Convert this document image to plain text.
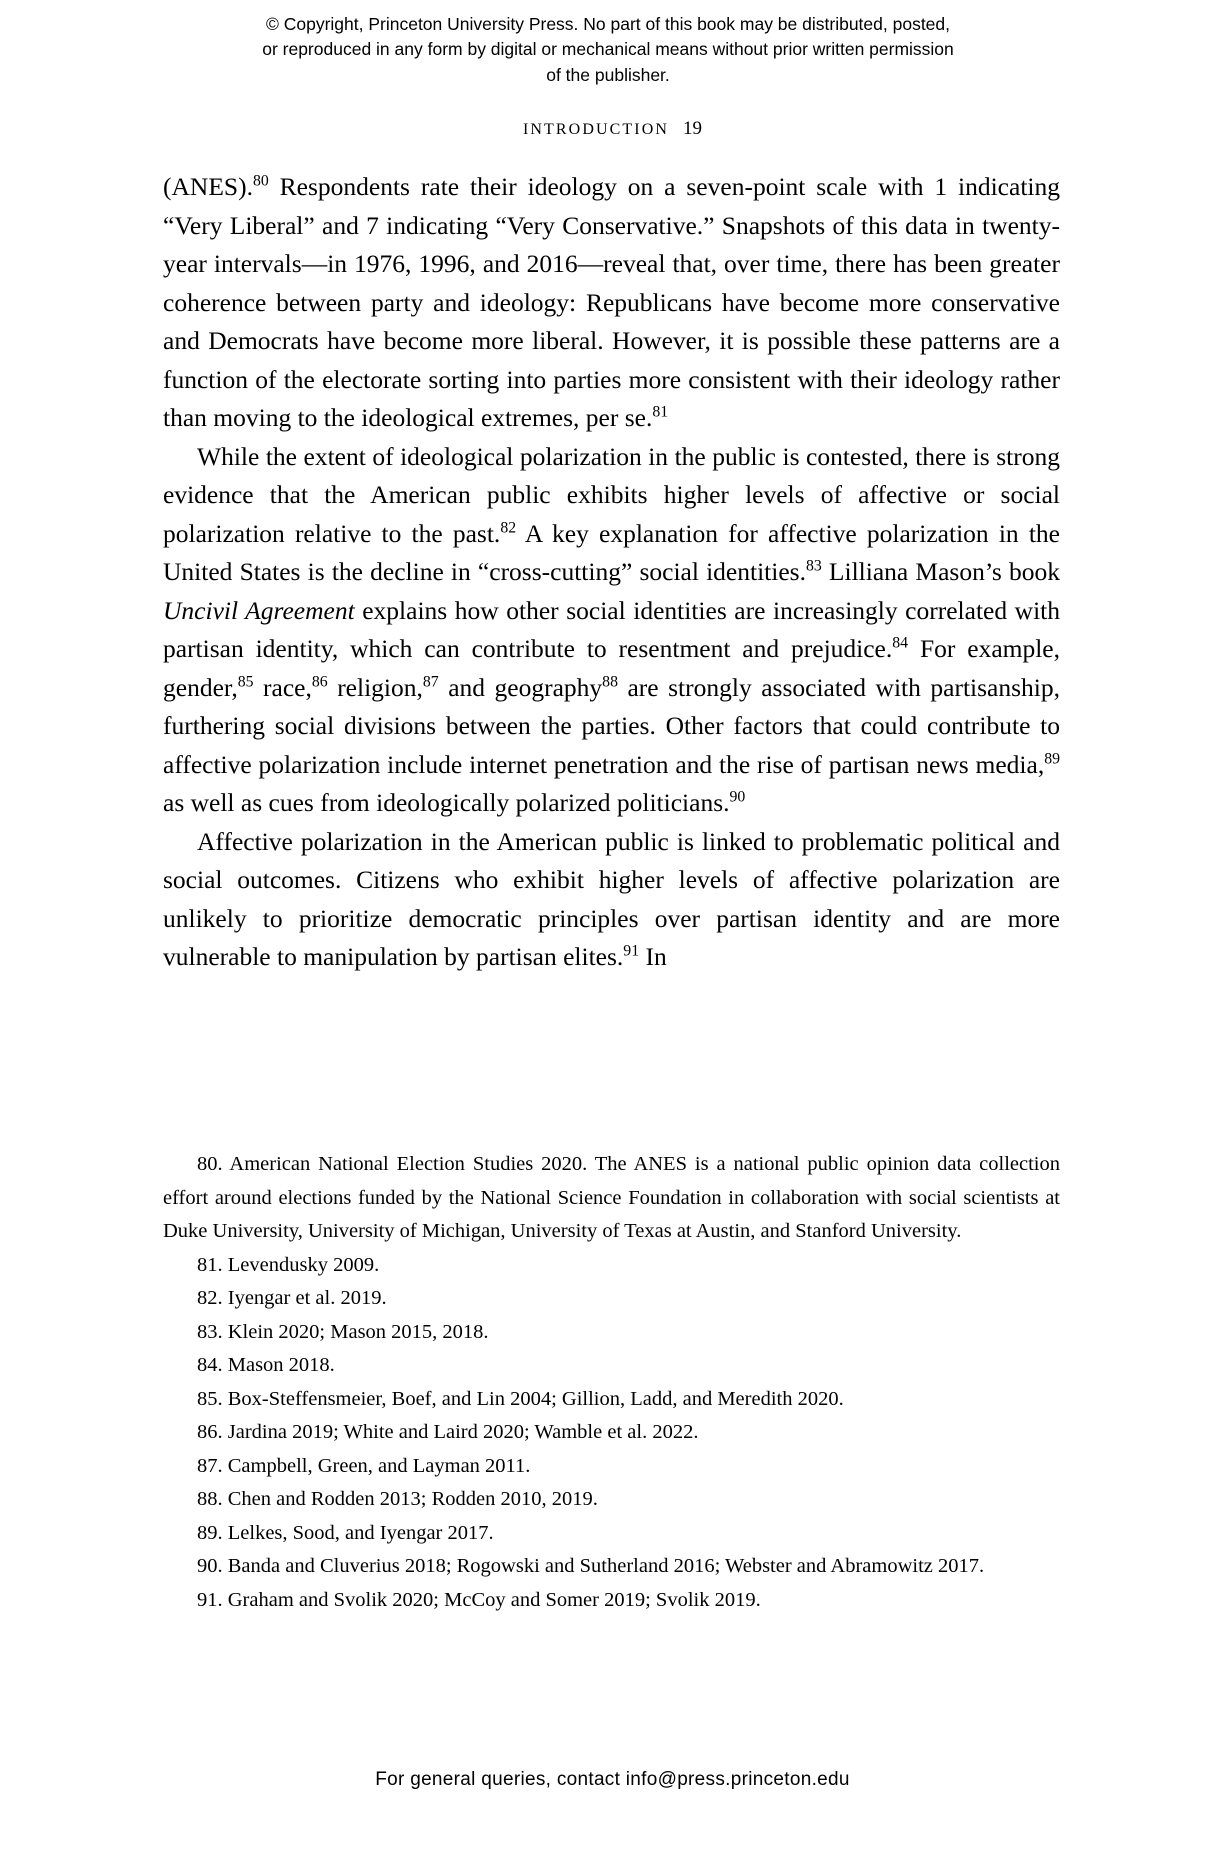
© Copyright, Princeton University Press. No part of this book may be distributed, posted, or reproduced in any form by digital or mechanical means without prior written permission of the publisher.
INTRODUCTION 19

(ANES).$^{80}$ Respondents rate their ideology on a seven-point scale with 1 indicating “Very Liberal” and 7 indicating “Very Conservative.” Snapshots of this data in twenty-year intervals—in 1976, 1996, and 2016—reveal that, over time, there has been greater coherence between party and ideology: Republicans have become more conservative and Democrats have become more liberal. However, it is possible these patterns are a function of the electorate sorting into parties more consistent with their ideology rather than moving to the ideological extremes, per se.$^{81}$

While the extent of ideological polarization in the public is contested, there is strong evidence that the American public exhibits higher levels of affective or social polarization relative to the past.$^{82}$ A key explanation for affective polarization in the United States is the decline in “cross-cutting” social identities.$^{83}$ Lilliana Mason’s book Uncivil Agreement explains how other social identities are increasingly correlated with partisan identity, which can contribute to resentment and prejudice.$^{84}$ For example, gender,$^{85}$ race,$^{86}$ religion,$^{87}$ and geography$^{88}$ are strongly associated with partisanship, furthering social divisions between the parties. Other factors that could contribute to affective polarization include internet penetration and the rise of partisan news media,$^{89}$ as well as cues from ideologically polarized politicians.$^{90}$

Affective polarization in the American public is linked to problematic political and social outcomes. Citizens who exhibit higher levels of affective polarization are unlikely to prioritize democratic principles over partisan identity and are more vulnerable to manipulation by partisan elites.$^{91}$ In

80. American National Election Studies 2020. The ANES is a national public opinion data collection effort around elections funded by the National Science Foundation in collaboration with social scientists at Duke University, University of Michigan, University of Texas at Austin, and Stanford University.

81. Levendusky 2009.

82. Iyengar et al. 2019.

83. Klein 2020; Mason 2015, 2018.

84. Mason 2018.

85. Box-Steffensmeier, Boef, and Lin 2004; Gillion, Ladd, and Meredith 2020.

86. Jardina 2019; White and Laird 2020; Wamble et al. 2022.

87. Campbell, Green, and Layman 2011.

88. Chen and Rodden 2013; Rodden 2010, 2019.

89. Lelkes, Sood, and Iyengar 2017.

90. Banda and Cluverius 2018; Rogowski and Sutherland 2016; Webster and Abramowitz 2017.

91. Graham and Svolik 2020; McCoy and Somer 2019; Svolik 2019.

For general queries, contact info@press.princeton.edu
